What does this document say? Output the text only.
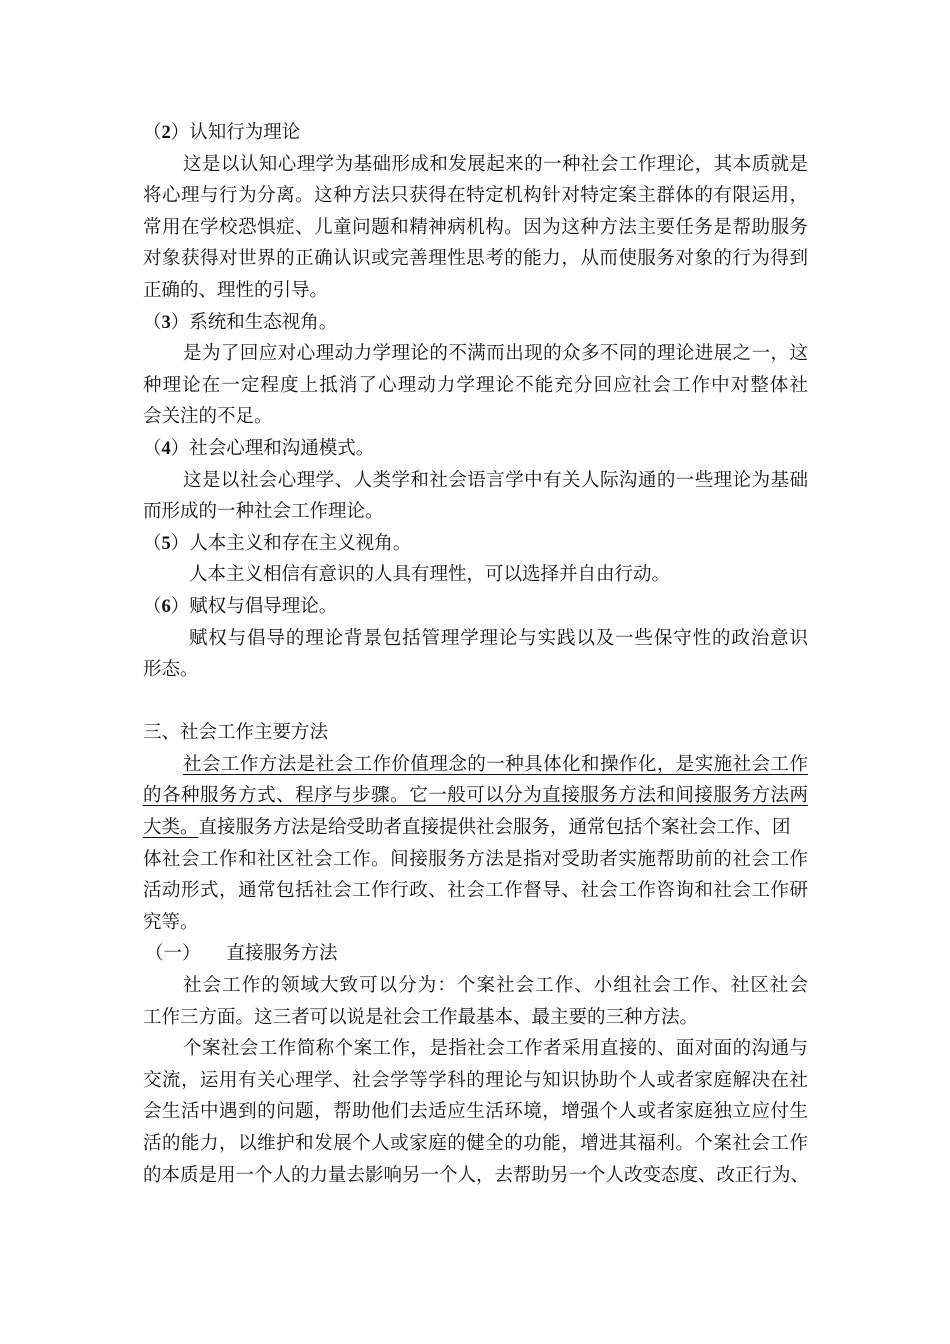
（2）认知行为理论
这是以认知心理学为基础形成和发展起来的一种社会工作理论，其本质就是
将心理与行为分离。这种方法只获得在特定机构针对特定案主群体的有限运用，
常用在学校恐惧症、儿童问题和精神病机构。因为这种方法主要任务是帮助服务
对象获得对世界的正确认识或完善理性思考的能力，从而使服务对象的行为得到
正确的、理性的引导。
（3）系统和生态视角。
是为了回应对心理动力学理论的不满而出现的众多不同的理论进展之一，这
种理论在一定程度上抵消了心理动力学理论不能充分回应社会工作中对整体社
会关注的不足。
（4）社会心理和沟通模式。
这是以社会心理学、人类学和社会语言学中有关人际沟通的一些理论为基础
而形成的一种社会工作理论。
（5）人本主义和存在主义视角。
人本主义相信有意识的人具有理性，可以选择并自由行动。
（6）赋权与倡导理论。
赋权与倡导的理论背景包括管理学理论与实践以及一些保守性的政治意识
形态。
三、社会工作主要方法
社会工作方法是社会工作价值理念的一种具体化和操作化，是实施社会工作
的各种服务方式、程序与步骤。它一般可以分为直接服务方法和间接服务方法两
大类。直接服务方法是给受助者直接提供社会服务，通常包括个案社会工作、团
体社会工作和社区社会工作。间接服务方法是指对受助者实施帮助前的社会工作
活动形式，通常包括社会工作行政、社会工作督导、社会工作咨询和社会工作研
究等。
（一） 直接服务方法
社会工作的领域大致可以分为：个案社会工作、小组社会工作、社区社会
工作三方面。这三者可以说是社会工作最基本、最主要的三种方法。
个案社会工作简称个案工作，是指社会工作者采用直接的、面对面的沟通与
交流，运用有关心理学、社会学等学科的理论与知识协助个人或者家庭解决在社
会生活中遇到的问题，帮助他们去适应生活环境，增强个人或者家庭独立应付生
活的能力，以维护和发展个人或家庭的健全的功能，增进其福利。个案社会工作
的本质是用一个人的力量去影响另一个人，去帮助另一个人改变态度、改正行为、
